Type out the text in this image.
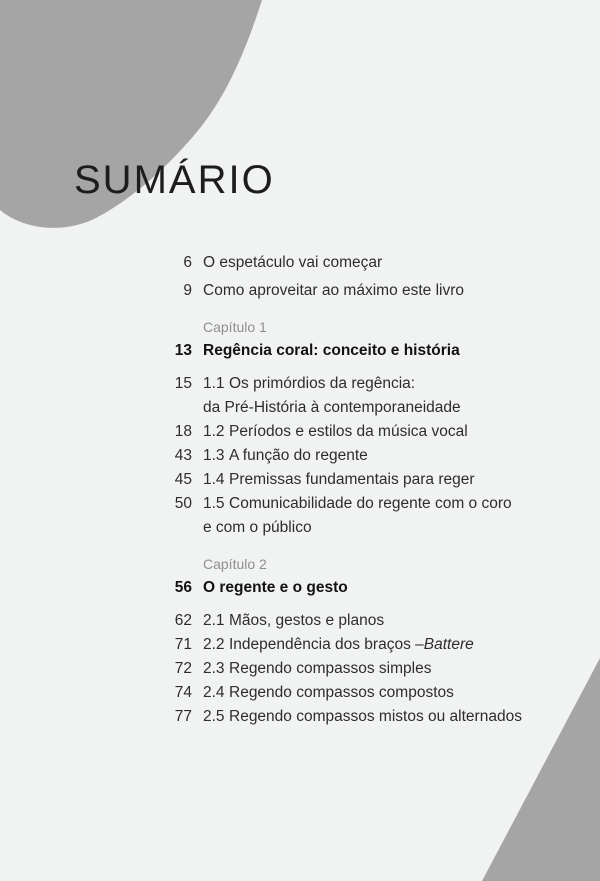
SUMÁRIO
6 O espetáculo vai começar
9 Como aproveitar ao máximo este livro
Capítulo 1
13 Regência coral: conceito e história
15 1.1 Os primórdios da regência:
da Pré-História à contemporaneidade
18 1.2 Períodos e estilos da música vocal
43 1.3 A função do regente
45 1.4 Premissas fundamentais para reger
50 1.5 Comunicabilidade do regente com o coro
e com o público
Capítulo 2
56 O regente e o gesto
62 2.1 Mãos, gestos e planos
71 2.2 Independência dos braços –Battere
72 2.3 Regendo compassos simples
74 2.4 Regendo compassos compostos
77 2.5 Regendo compassos mistos ou alternados
